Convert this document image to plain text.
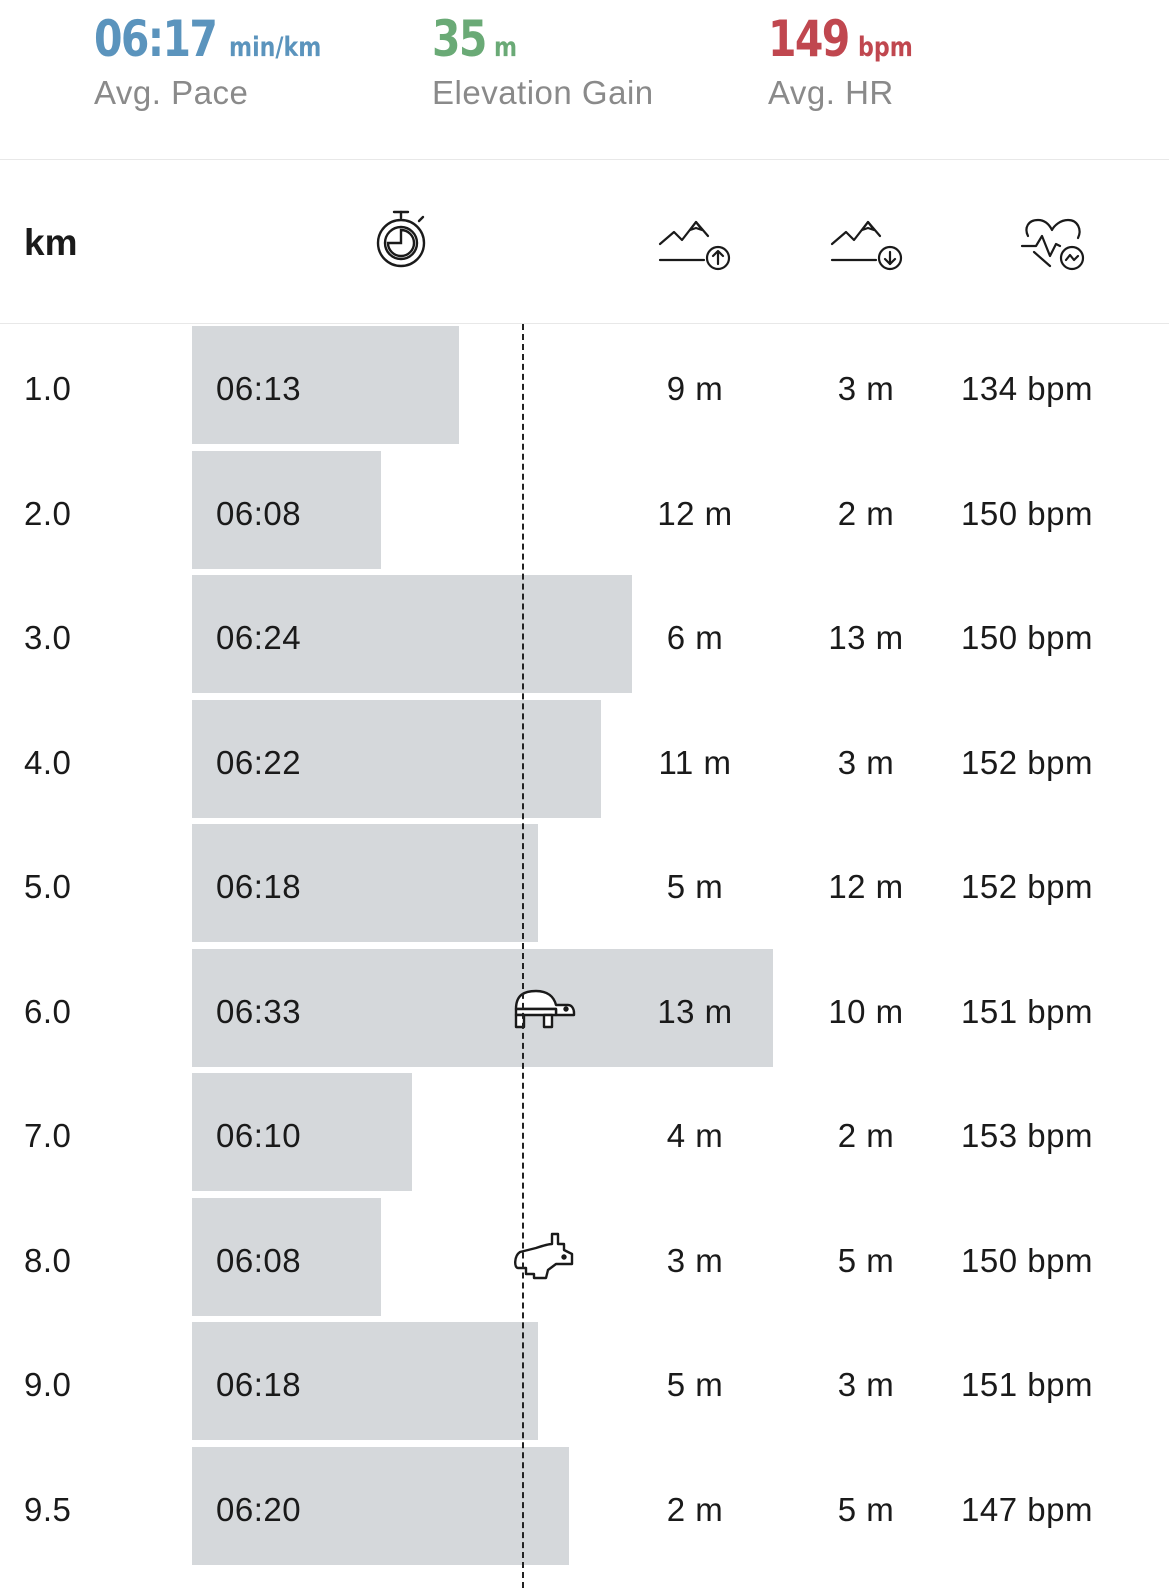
06:17 min/km
Avg. Pace
35 m
Elevation Gain
149 bpm
Avg. HR
km
1.0	06:13	9 m	3 m	134 bpm
2.0	06:08	12 m	2 m	150 bpm
3.0	06:24	6 m	13 m	150 bpm
4.0	06:22	11 m	3 m	152 bpm
5.0	06:18	5 m	12 m	152 bpm
6.0	06:33	13 m	10 m	151 bpm
7.0	06:10	4 m	2 m	153 bpm
8.0	06:08	3 m	5 m	150 bpm
9.0	06:18	5 m	3 m	151 bpm
9.5	06:20	2 m	5 m	147 bpm
